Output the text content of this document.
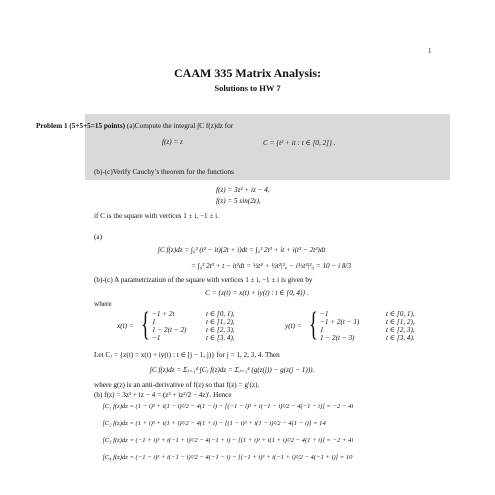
1
CAAM 335 Matrix Analysis:
Solutions to HW 7
Problem 1 (5+5+5=15 points) (a)Compute the integral ∫C f(z)dz for
f(z) = z	C = {t² + it : t ∈ [0, 2]} .
(b)-(c)Verify Cauchy’s theorem for the functions
f(z) = 3z² + iz − 4,
f(z) = 5 sin(2z),
if C is the square with vertices 1 ± i, −1 ± i.
(a)
∫C f(z)dz = ∫₀² (t² − it)(2t + i)dt = ∫₀² 2t³ + it + i(t² − 2t²)dt
= ∫₀² 2t³ + t − it²dt = ½t⁴ + ½t²|²₀ − i⅓t³|²₀ = 10 − i 8/3
(b)-(c) A parametrization of the square with vertices 1 ± i, −1 ± i is given by
C = {z(t) = x(t) + iy(t) : t ∈ [0, 4)} .
where
x(t) = { −1 + 2t
1
1 − 2(t − 2)
−1
t ∈ [0, 1),
t ∈ [1, 2),
t ∈ [2, 3),
t ∈ [3, 4),
y(t) = { −1
−1 + 2(t − 1)
1
1 − 2(t − 3)
t ∈ [0, 1),
t ∈ [1, 2),
t ∈ [2, 3),
t ∈ [3, 4).
Let Cⱼ = {z(t) = x(t) + iy(t) : t ∈ [j − 1, j)} for j = 1, 2, 3, 4. Then
∫C f(z)dz = Σⱼ₌₁⁴ ∫Cⱼ f(z)dz = Σⱼ₌₁⁴ (g(z(j)) − g(z(j − 1))).
where g(z) is an anti-derivative of f(z) so that f(z) = g′(z).
(b) f(z) = 3z² + iz − 4 = (z³ + iz²/2 − 4z)′. Hence
∫C₁ f(z)dz = (1 − i)³ + i(1 − i)²/2 − 4(1 − i) − [(−1 − i)³ + i(−1 − i)²/2 − 4(−1 − i)] = −2 − 4i
∫C₂ f(z)dz = (1 + i)³ + i(1 + i)²/2 − 4(1 + i) − [(1 − i)³ + i(1 − i)²/2 − 4(1 − i)] = 14
∫C₃ f(z)dz = (−1 + i)³ + i(−1 + i)²/2 − 4(−1 + i) − [(1 + i)³ + i(1 + i)²/2 − 4(1 + i)] = −2 + 4i
∫C₄ f(z)dz = (−1 − i)³ + i(−1 − i)²/2 − 4(−1 − i) − [(−1 + i)³ + i(−1 + i)²/2 − 4(−1 + i)] = 10
